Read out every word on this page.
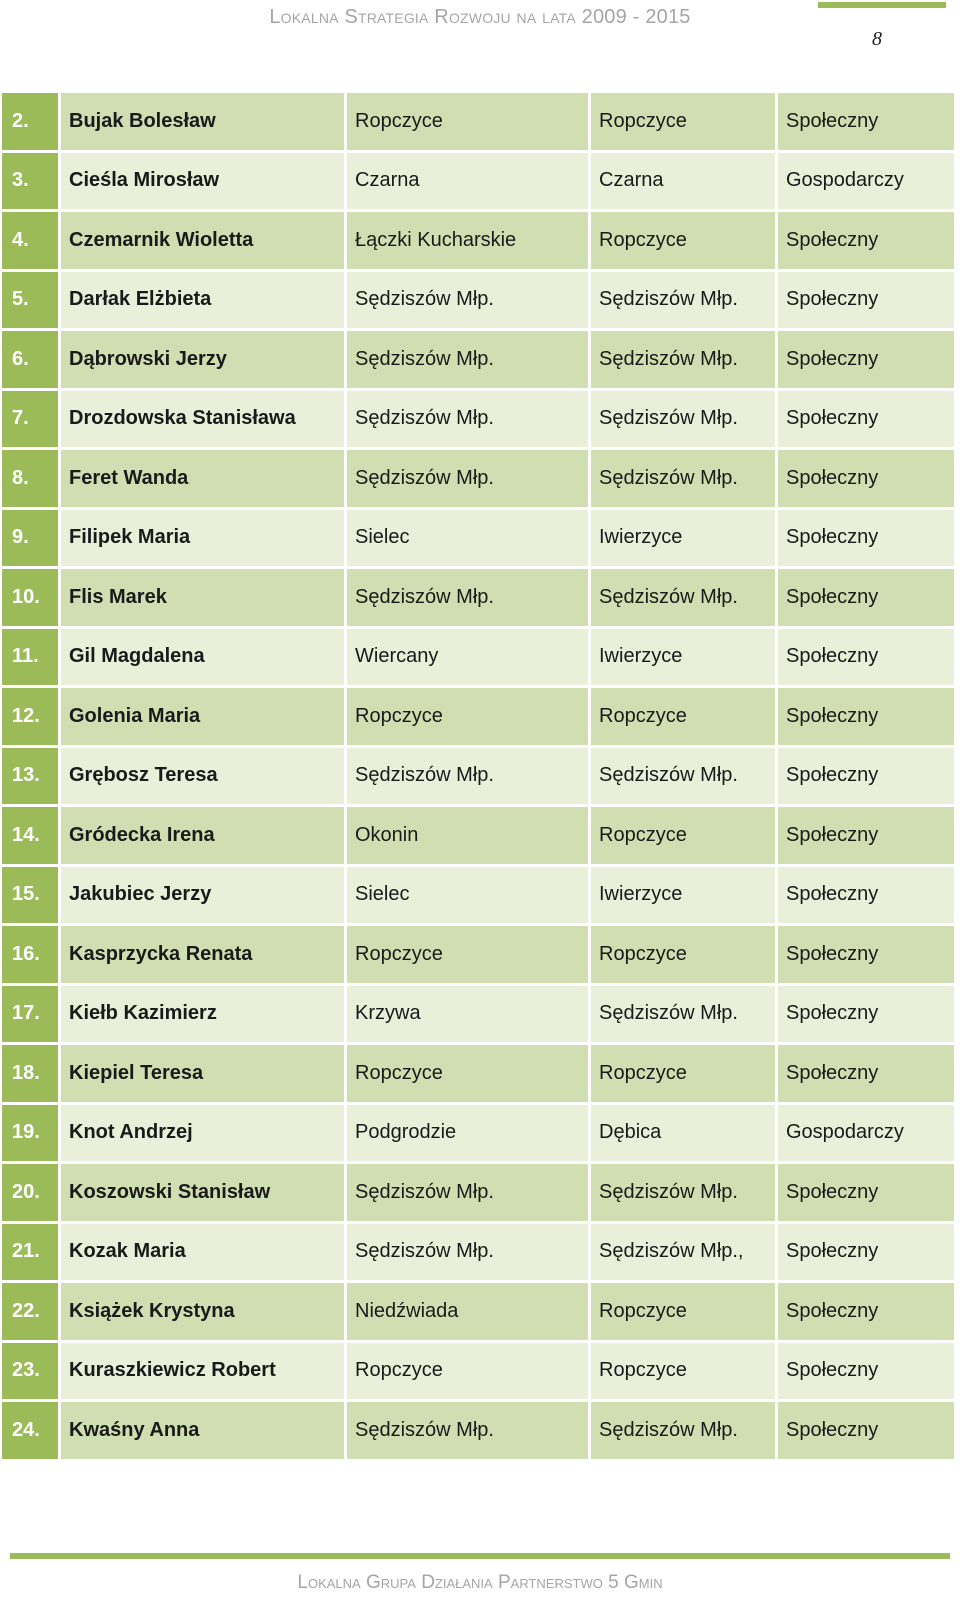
Lokalna Strategia Rozwoju na lata 2009 - 2015
8
2.	Bujak Bolesław	Ropczyce	Ropczyce	Społeczny
3.	Cieśla Mirosław	Czarna	Czarna	Gospodarczy
4.	Czemarnik Wioletta	Łączki Kucharskie	Ropczyce	Społeczny
5.	Darłak Elżbieta	Sędziszów Młp.	Sędziszów Młp.	Społeczny
6.	Dąbrowski Jerzy	Sędziszów Młp.	Sędziszów Młp.	Społeczny
7.	Drozdowska Stanisława	Sędziszów Młp.	Sędziszów Młp.	Społeczny
8.	Feret Wanda	Sędziszów Młp.	Sędziszów Młp.	Społeczny
9.	Filipek Maria	Sielec	Iwierzyce	Społeczny
10.	Flis Marek	Sędziszów Młp.	Sędziszów Młp.	Społeczny
11.	Gil Magdalena	Wiercany	Iwierzyce	Społeczny
12.	Golenia Maria	Ropczyce	Ropczyce	Społeczny
13.	Grębosz Teresa	Sędziszów Młp.	Sędziszów Młp.	Społeczny
14.	Gródecka Irena	Okonin	Ropczyce	Społeczny
15.	Jakubiec Jerzy	Sielec	Iwierzyce	Społeczny
16.	Kasprzycka Renata	Ropczyce	Ropczyce	Społeczny
17.	Kiełb Kazimierz	Krzywa	Sędziszów Młp.	Społeczny
18.	Kiepiel Teresa	Ropczyce	Ropczyce	Społeczny
19.	Knot Andrzej	Podgrodzie	Dębica	Gospodarczy
20.	Koszowski Stanisław	Sędziszów Młp.	Sędziszów Młp.	Społeczny
21.	Kozak Maria	Sędziszów Młp.	Sędziszów Młp.,	Społeczny
22.	Książek Krystyna	Niedźwiada	Ropczyce	Społeczny
23.	Kuraszkiewicz Robert	Ropczyce	Ropczyce	Społeczny
24.	Kwaśny Anna	Sędziszów Młp.	Sędziszów Młp.	Społeczny
Lokalna Grupa Działania Partnerstwo 5 Gmin
